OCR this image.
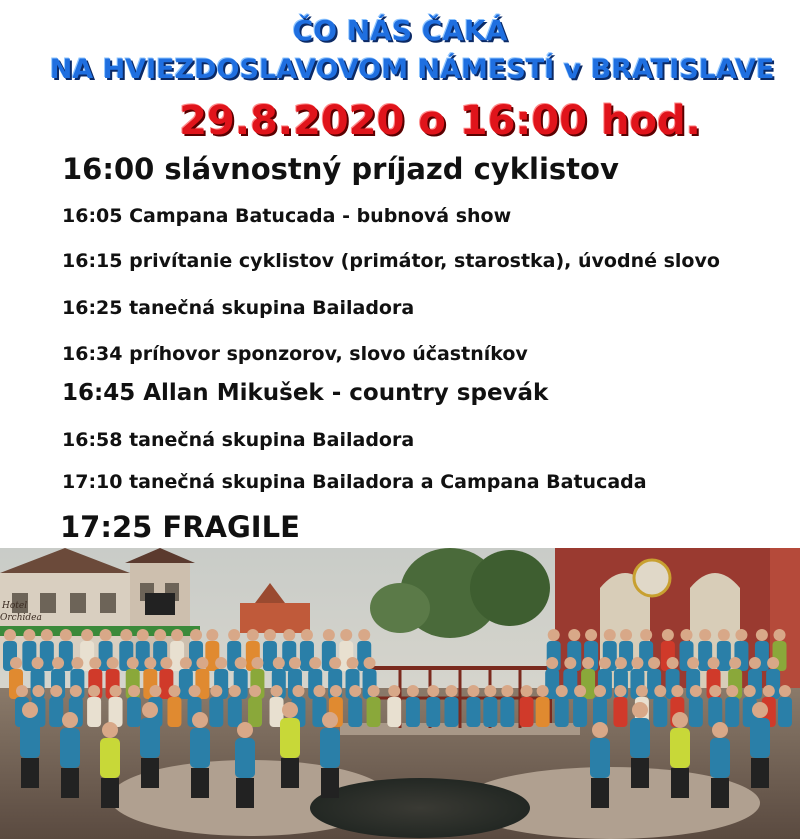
ČO NÁS ČAKÁ
NA HVIEZDOSLAVOVOM NÁMESTÍ v BRATISLAVE
29.8.2020 o 16:00 hod.
16:00 slávnostný príjazd cyklistov
16:05 Campana Batucada - bubnová show
16:15 privítanie cyklistov (primátor, starostka), úvodné slovo
16:25 tanečná skupina Bailadora
16:34 príhovor sponzorov, slovo účastníkov
16:45 Allan Mikušek - country spevák
16:58 tanečná skupina Bailadora
17:10 tanečná skupina Bailadora a Campana Batucada
17:25 FRAGILE
Hotel
Orchidea
